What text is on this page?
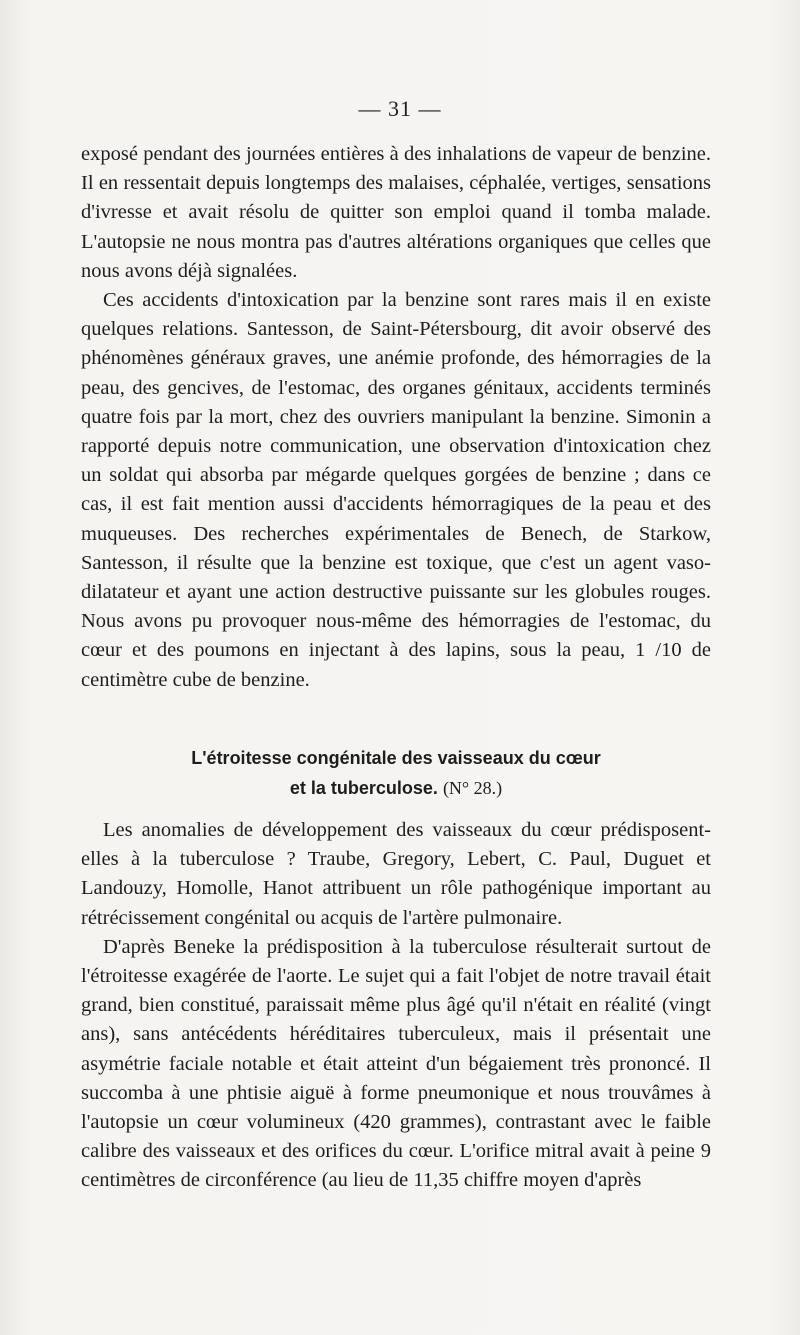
— 31 —

exposé pendant des journées entières à des inhalations de vapeur de benzine. Il en ressentait depuis longtemps des malaises, céphalée, vertiges, sensations d'ivresse et avait résolu de quitter son emploi quand il tomba malade. L'autopsie ne nous montra pas d'autres altérations organiques que celles que nous avons déjà signalées.

Ces accidents d'intoxication par la benzine sont rares mais il en existe quelques relations. Santesson, de Saint-Pétersbourg, dit avoir observé des phénomènes généraux graves, une anémie profonde, des hémorragies de la peau, des gencives, de l'estomac, des organes génitaux, accidents terminés quatre fois par la mort, chez des ouvriers manipulant la benzine. Simonin a rapporté depuis notre communication, une observation d'intoxication chez un soldat qui absorba par mégarde quelques gorgées de benzine ; dans ce cas, il est fait mention aussi d'accidents hémorragiques de la peau et des muqueuses. Des recherches expérimentales de Benech, de Starkow, Santesson, il résulte que la benzine est toxique, que c'est un agent vaso-dilatateur et ayant une action destructive puissante sur les globules rouges. Nous avons pu provoquer nous-même des hémorragies de l'estomac, du cœur et des poumons en injectant à des lapins, sous la peau, 1 /10 de centimètre cube de benzine.

L'étroitesse congénitale des vaisseaux du cœur
et la tuberculose. (N° 28.)

Les anomalies de développement des vaisseaux du cœur prédisposent-elles à la tuberculose ? Traube, Gregory, Lebert, C. Paul, Duguet et Landouzy, Homolle, Hanot attribuent un rôle pathogénique important au rétrécissement congénital ou acquis de l'artère pulmonaire.

D'après Beneke la prédisposition à la tuberculose résulterait surtout de l'étroitesse exagérée de l'aorte. Le sujet qui a fait l'objet de notre travail était grand, bien constitué, paraissait même plus âgé qu'il n'était en réalité (vingt ans), sans antécédents héréditaires tuberculeux, mais il présentait une asymétrie faciale notable et était atteint d'un bégaiement très prononcé. Il succomba à une phtisie aiguë à forme pneumonique et nous trouvâmes à l'autopsie un cœur volumineux (420 grammes), contrastant avec le faible calibre des vaisseaux et des orifices du cœur. L'orifice mitral avait à peine 9 centimètres de circonférence (au lieu de 11,35 chiffre moyen d'après
